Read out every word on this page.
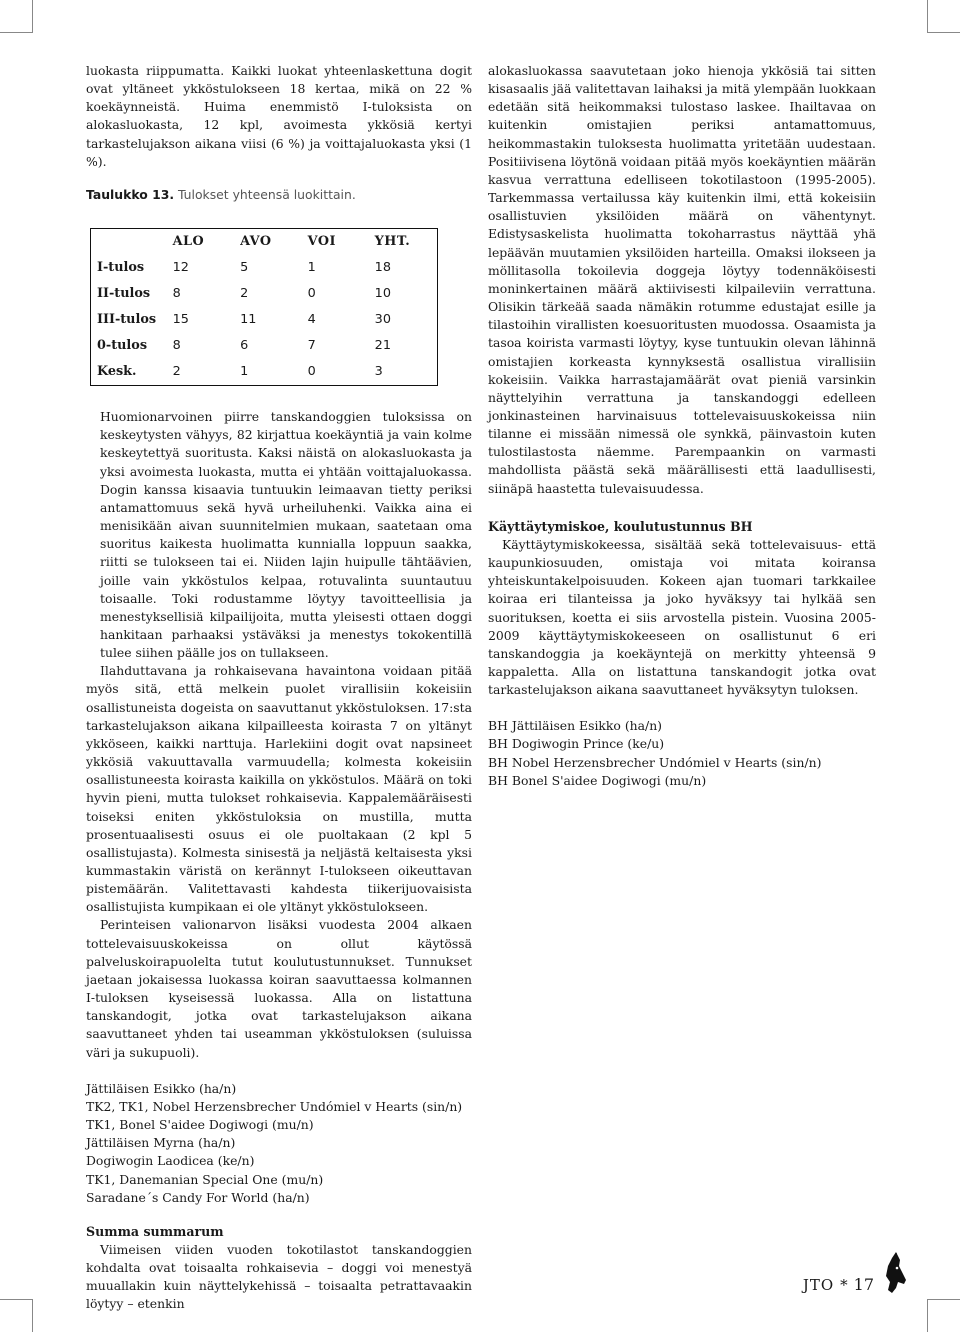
luokasta riippumatta. Kaikki luokat yhteenlaskettuna dogit ovat yltäneet ykköstulokseen 18 kertaa, mikä on 22 % koekäynneistä. Huima enemmistö I-tuloksista on alokasluokasta, 12 kpl, avoimesta ykkösiä kertyi tarkastelujakson aikana viisi (6 %) ja voittajaluokasta yksi (1 %).

Taulukko 13. Tulokset yhteensä luokittain.
	ALO	AVO	VOI	YHT.
I-tulos	12	5	1	18
II-tulos	8	2	0	10
III-tulos	15	11	4	30
0-tulos	8	6	7	21
Kesk.	2	1	0	3

Huomionarvoinen piirre tanskandoggien tuloksissa on keskeytysten vähyys, 82 kirjattua koekäyntiä ja vain kolme keskeytettyä suoritusta. Kaksi näistä on alokasluokasta ja yksi avoimesta luokasta, mutta ei yhtään voittajaluokassa. Dogin kanssa kisaavia tuntuukin leimaavan tietty periksi antamattomuus sekä hyvä urheiluhenki. Vaikka aina ei menisikään aivan suunnitelmien mukaan, saatetaan oma suoritus kaikesta huolimatta kunnialla loppuun saakka, riitti se tulokseen tai ei. Niiden lajin huipulle tähtäävien, joille vain ykköstulos kelpaa, rotuvalinta suuntautuu toisaalle. Toki rodustamme löytyy tavoitteellisia ja menestyksellisiä kilpailijoita, mutta yleisesti ottaen doggi hankitaan parhaaksi ystäväksi ja menestys tokokentillä tulee siihen päälle jos on tullakseen.

Ilahduttavana ja rohkaisevana havaintona voidaan pitää myös sitä, että melkein puolet virallisiin kokeisiin osallistuneista dogeista on saavuttanut ykköstuloksen. 17:sta tarkastelujakson aikana kilpailleesta koirasta 7 on yltänyt ykköseen, kaikki narttuja. Harlekiini dogit ovat napsineet ykkösiä vakuuttavalla varmuudella; kolmesta kokeisiin osallistuneesta koirasta kaikilla on ykköstulos. Määrä on toki hyvin pieni, mutta tulokset rohkaisevia. Kappalemääräisesti toiseksi eniten ykköstuloksia on mustilla, mutta prosentuaalisesti osuus ei ole puoltakaan (2 kpl 5 osallistujasta). Kolmesta sinisestä ja neljästä keltaisesta yksi kummastakin väristä on kerännyt I-tulokseen oikeuttavan pistemäärän. Valitettavasti kahdesta tiikerijuovaisista osallistujista kumpikaan ei ole yltänyt ykköstulokseen.

Perinteisen valionarvon lisäksi vuodesta 2004 alkaen tottelevaisuuskokeissa on ollut käytössä palveluskoirapuolelta tutut koulutustunnukset. Tunnukset jaetaan jokaisessa luokassa koiran saavuttaessa kolmannen I-tuloksen kyseisessä luokassa. Alla on listattuna tanskandogit, jotka ovat tarkastelujakson aikana saavuttaneet yhden tai useamman ykköstuloksen (suluissa väri ja sukupuoli).

Jättiläisen Esikko (ha/n)
TK2, TK1, Nobel Herzensbrecher Undómiel v Hearts (sin/n)
TK1, Bonel S'aidee Dogiwogi (mu/n)
Jättiläisen Myrna (ha/n)
Dogiwogin Laodicea (ke/n)
TK1, Danemanian Special One (mu/n)
Saradane´s Candy For World (ha/n)
Summa summarum

Viimeisen viiden vuoden tokotilastot tanskandoggien kohdalta ovat toisaalta rohkaisevia – doggi voi menestyä muuallakin kuin näyttelykehissä – toisaalta petrattavaakin löytyy – etenkin

alokasluokassa saavutetaan joko hienoja ykkösiä tai sitten kisasaalis jää valitettavan laihaksi ja mitä ylempään luokkaan edetään sitä heikommaksi tulostaso laskee. Ihailtavaa on kuitenkin omistajien periksi antamattomuus, heikommastakin tuloksesta huolimatta yritetään uudestaan. Positiivisena löytönä voidaan pitää myös koekäyntien määrän kasvua verrattuna edelliseen tokotilastoon (1995-2005). Tarkemmassa vertailussa käy kuitenkin ilmi, että kokeisiin osallistuvien yksilöiden määrä on vähentynyt. Edistysaskelista huolimatta tokoharrastus näyttää yhä lepäävän muutamien yksilöiden harteilla. Omaksi ilokseen ja möllitasolla tokoilevia doggeja löytyy todennäköisesti moninkertainen määrä aktiivisesti kilpaileviin verrattuna. Olisikin tärkeää saada nämäkin rotumme edustajat esille ja tilastoihin virallisten koesuoritusten muodossa. Osaamista ja tasoa koirista varmasti löytyy, kyse tuntuukin olevan lähinnä omistajien korkeasta kynnyksestä osallistua virallisiin kokeisiin. Vaikka harrastajamäärät ovat pieniä varsinkin näyttelyihin verrattuna ja tanskandoggi edelleen jonkinasteinen harvinaisuus tottelevaisuuskokeissa niin tilanne ei missään nimessä ole synkkä, päinvastoin kuten tulostilastosta näemme. Parempaankin on varmasti mahdollista päästä sekä määrällisesti että laadullisesti, siinäpä haastetta tulevaisuudessa.

Käyttäytymiskoe, koulutustunnus BH

Käyttäytymiskokeessa, sisältää sekä tottelevaisuus- että kaupunkiosuuden, omistaja voi mitata koiransa yhteiskuntakelpoisuuden. Kokeen ajan tuomari tarkkailee koiraa eri tilanteissa ja joko hyväksyy tai hylkää sen suorituksen, koetta ei siis arvostella pistein. Vuosina 2005-2009 käyttäytymiskokeeseen on osallistunut 6 eri tanskandoggia ja koekäyntejä on merkitty yhteensä 9 kappaletta. Alla on listattuna tanskandogit jotka ovat tarkastelujakson aikana saavuttaneet hyväksytyn tuloksen.

BH Jättiläisen Esikko (ha/n)
BH Dogiwogin Prince (ke/u)
BH Nobel Herzensbrecher Undómiel v Hearts (sin/n)
BH Bonel S'aidee Dogiwogi (mu/n)
JTO * 17
